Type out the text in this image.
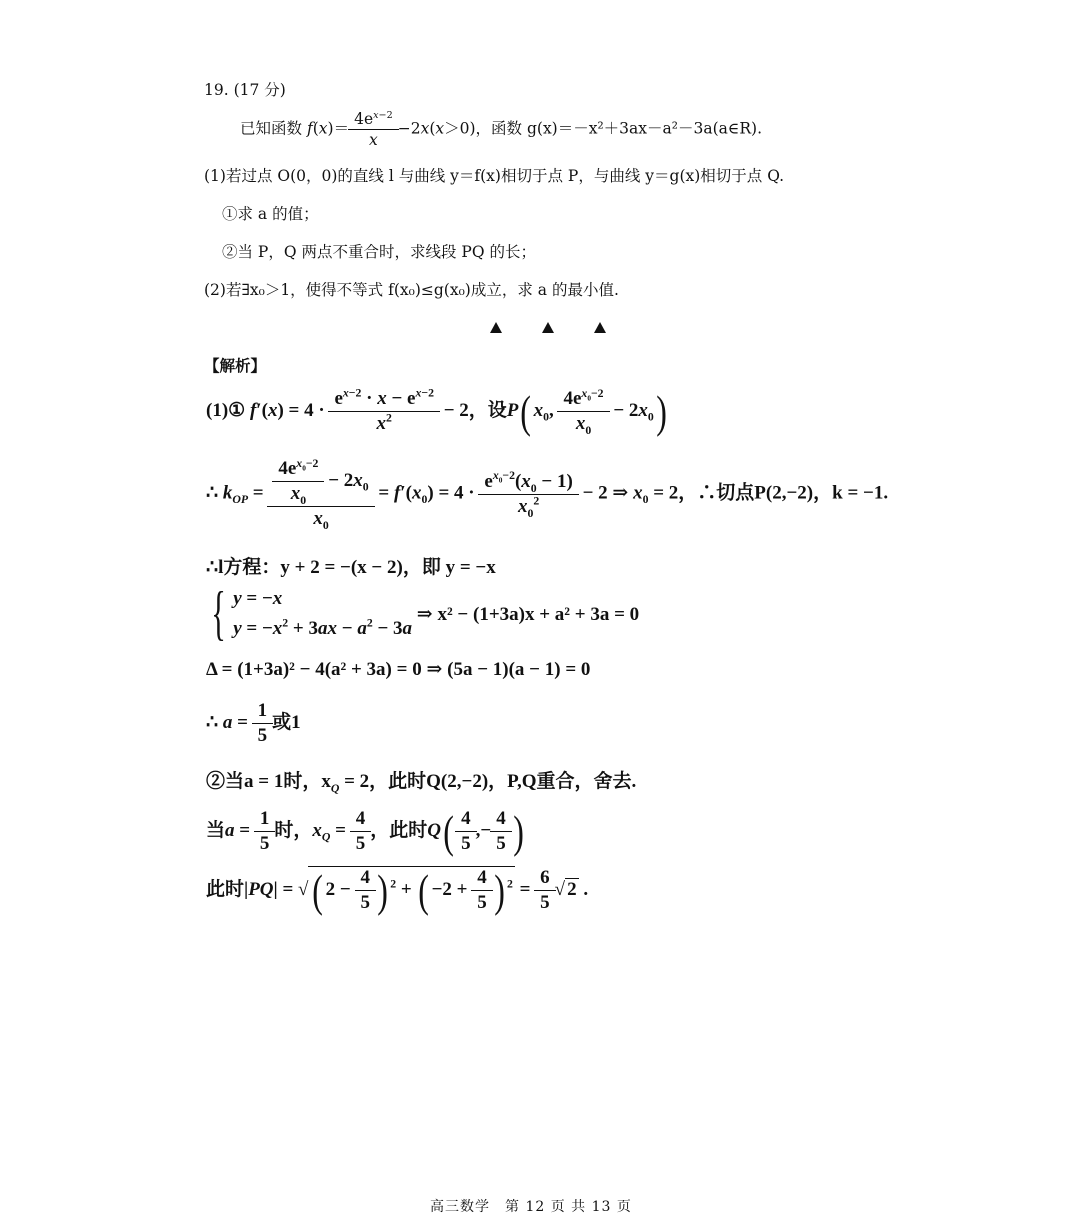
19. (17 分)
已知函数 $f(x)= \frac{4e^{x-2}}{x} -2x(x>0)$，函数 g(x)＝－x²＋3ax－a²－3a(a∈R).
(1)若过点 O(0，0)的直线 l 与曲线 y＝f(x)相切于点 P，与曲线 y＝g(x)相切于点 Q.
①求 a 的值；
②当 P，Q 两点不重合时，求线段 PQ 的长；
(2)若∃x₀＞1，使得不等式 f(x₀)≤g(x₀)成立，求 a 的最小值.
【解析】
(1)① $f'(x) = 4 \cdot \frac{e^{x-2} \cdot x - e^{x-2}}{x^2} - 2$，设P( $x_0$, $\frac{4e^{x_0-2}}{x_0} - 2x_0$)
∴ $k_{OP} = \frac{\frac{4e^{x_0-2}}{x_0} - 2x_0}{x_0} = f'(x_0) = 4 \cdot \frac{e^{x_0-2}(x_0 - 1)}{x_0^2} - 2$ ⇒ $x_0 = 2$，∴切点P(2,−2)，k = −1.
∴l方程：y + 2 = −(x − 2)，即 y = −x
{ y = −x
$y = -x^2 + 3ax - a^2 - 3a$
⇒ x² − (1+3a)x + a² + 3a = 0
Δ = (1+3a)² − 4(a² + 3a) = 0 ⇒ (5a − 1)(a − 1) = 0
∴ $a = \frac{1}{5}$ 或1
②当a = 1时，$x_Q = 2$，此时Q(2,−2)，P,Q重合，舍去.
当$a = \frac{1}{5}$ 时，$x_Q = \frac{4}{5}$ ，此时$Q( \frac{4}{5}$ ,− $\frac{4}{5}$ )
此时|PQ| = √( $2 - \frac{4}{5}$ ) $^2$ + ( $-2 + \frac{4}{5}$ ) $^2 = \frac{6}{5}$ √ 2 .
高三数学　第 12 页 共 13 页
